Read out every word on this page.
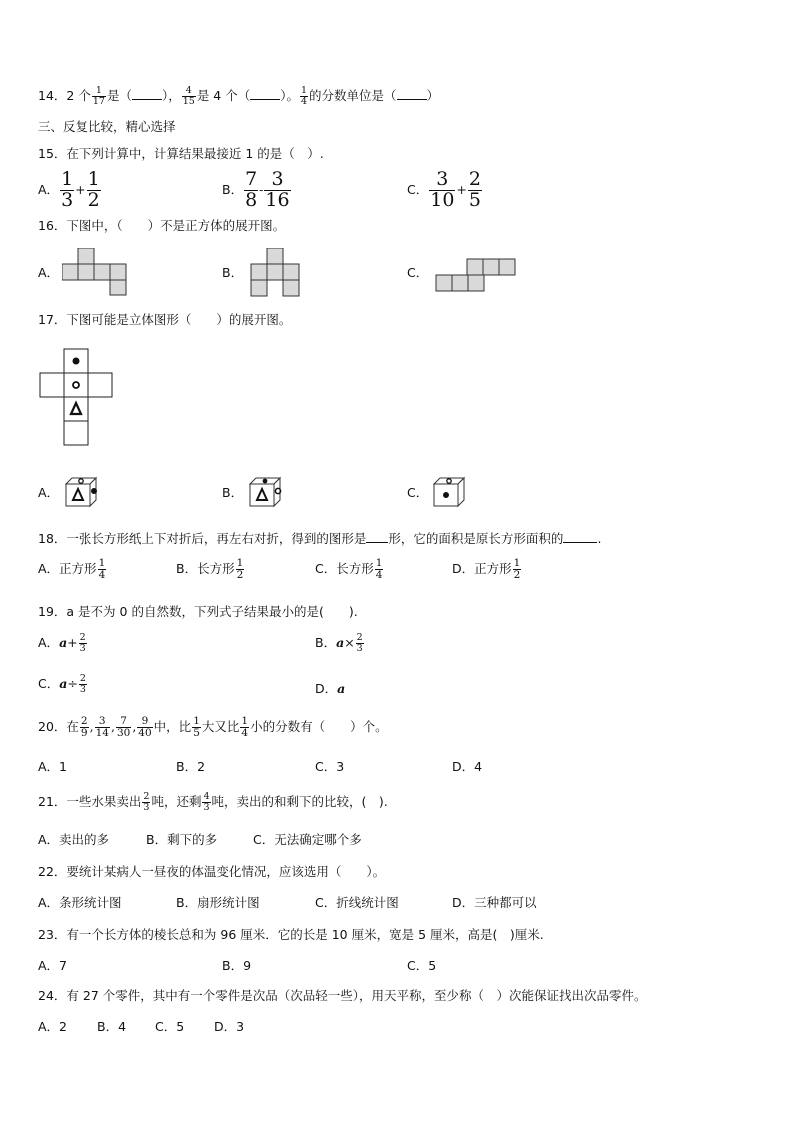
14．2 个 $\frac{1}{17}$ 是（ ）， $\frac{4}{15}$ 是 4 个（ ）。 $\frac{1}{4}$ 的分数单位是（ ）
三、反复比较，精心选择
15．在下列计算中，计算结果最接近 1 的是（　）.
A． $\frac{1}{3} + \frac{1}{2}$	B． $\frac{7}{8} - \frac{3}{16}$	C． $\frac{3}{10} + \frac{2}{5}$
16．下图中，（　　）不是正方体的展开图。
A．	B．	C．
17．下图可能是立体图形（　　）的展开图。
A．	B．	C．
18．一张长方形纸上下对折后，再左右对折，得到的图形是 形，它的面积是原长方形面积的	.
A．正方形 $\frac{1}{4}$	B．长方形 $\frac{1}{2}$	C．长方形 $\frac{1}{4}$	D．正方形 $\frac{1}{2}$
19．a 是不为 0 的自然数，下列式子结果最小的是(　　).
A．$a+ \frac{2}{3}$	B．$a\times \frac{2}{3}$
C．$a\div \frac{2}{3}$	D．a
20．在 $\frac{2}{9}$ , $\frac{3}{14}$ , $\frac{7}{30}$ , $\frac{9}{40}$ 中，比 $\frac{1}{5}$ 大又比 $\frac{1}{4}$ 小的分数有（　　）个。
A．1	B．2	C．3	D．4
21．一些水果卖出 $\frac{2}{3}$ 吨，还剩 $\frac{4}{3}$ 吨，卖出的和剩下的比较，(　).
A．卖出的多	B．剩下的多	C．无法确定哪个多
22．要统计某病人一昼夜的体温变化情况，应该选用（　　）。
A．条形统计图	B．扇形统计图	C．折线统计图	D．三种都可以
23．有一个长方体的棱长总和为 96 厘米．它的长是 10 厘米，宽是 5 厘米，高是(　)厘米.
A．7	B．9	C．5
24．有 27 个零件，其中有一个零件是次品（次品轻一些），用天平称，至少称（　）次能保证找出次品零件。
A．2 B．4 C．5 D．3
